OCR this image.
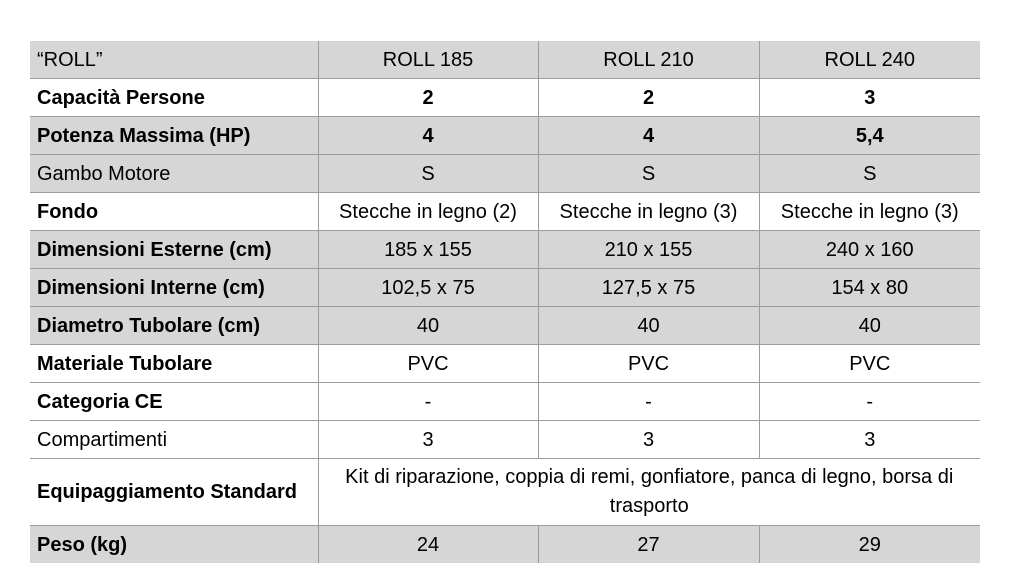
“ROLL”	ROLL 185	ROLL 210	ROLL 240
Capacità Persone	2	2	3
Potenza Massima (HP)	4	4	5,4
Gambo Motore	S	S	S
Fondo	Stecche in legno (2)	Stecche in legno (3)	Stecche in legno (3)
Dimensioni Esterne (cm)	185 x 155	210 x 155	240 x 160
Dimensioni Interne (cm)	102,5 x 75	127,5 x 75	154 x 80
Diametro Tubolare (cm)	40	40	40
Materiale Tubolare	PVC	PVC	PVC
Categoria CE	-	-	-
Compartimenti	3	3	3
Equipaggiamento Standard	Kit di riparazione, coppia di remi, gonfiatore, panca di legno, borsa di trasporto		
Peso (kg)	24	27	29
